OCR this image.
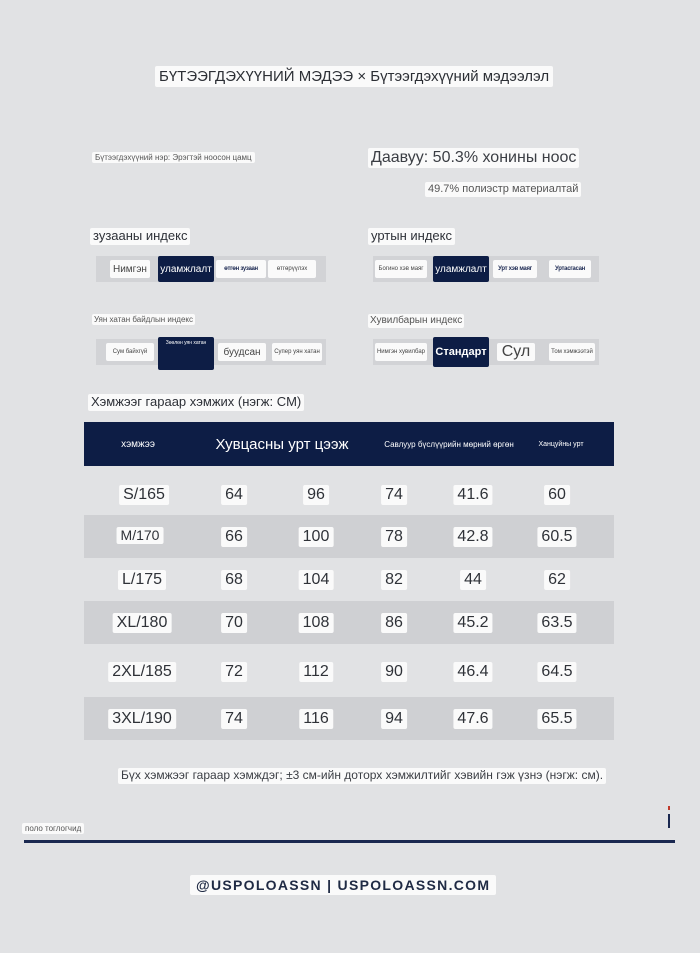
БҮТЭЭГДЭХҮҮНИЙ МЭДЭЭ × Бүтээгдэхүүний мэдээлэл
Бүтээгдэхүүний нэр: Эрэгтэй ноосон цамц	Даавуу: 50.3% хонины ноос
49.7% полиэстр материалтай
зузааны индекс
Нимгэн	уламжлалт	өтгөн зузаан	өтгөрүүлэх
уртын индекс
Богино хэв маяг	уламжлалт	Урт хэв маяг	Уртасгасан
Уян хатан байдлын индекс
Сум байхгүй
Зөөлөн уян хатан
буудсан	Супер уян хатан
Хувилбарын индекс
Нимгэн хувилбар Стандарт Сул	Том хэмжээтэй
Хэмжээг гараар хэмжих (нэгж: CM)
хэмжээ	Хувцасны урт цээж	Савлуур бүслүүрийн мөрний өргөн	Ханцуйны урт
S/165	64	96	74	41.6	60
M/170	66	100	78	42.8	60.5
L/175	68	104	82	44	62
XL/180	70	108	86	45.2	63.5
2XL/185	72	112	90	46.4	64.5
3XL/190	74	116	94	47.6	65.5
Бүх хэмжээг гараар хэмждэг; ±3 см-ийн доторх хэмжилтийг хэвийн гэж үзнэ (нэгж: см).
поло тоглогчид
@USPOLOASSN | USPOLOASSN.COM
